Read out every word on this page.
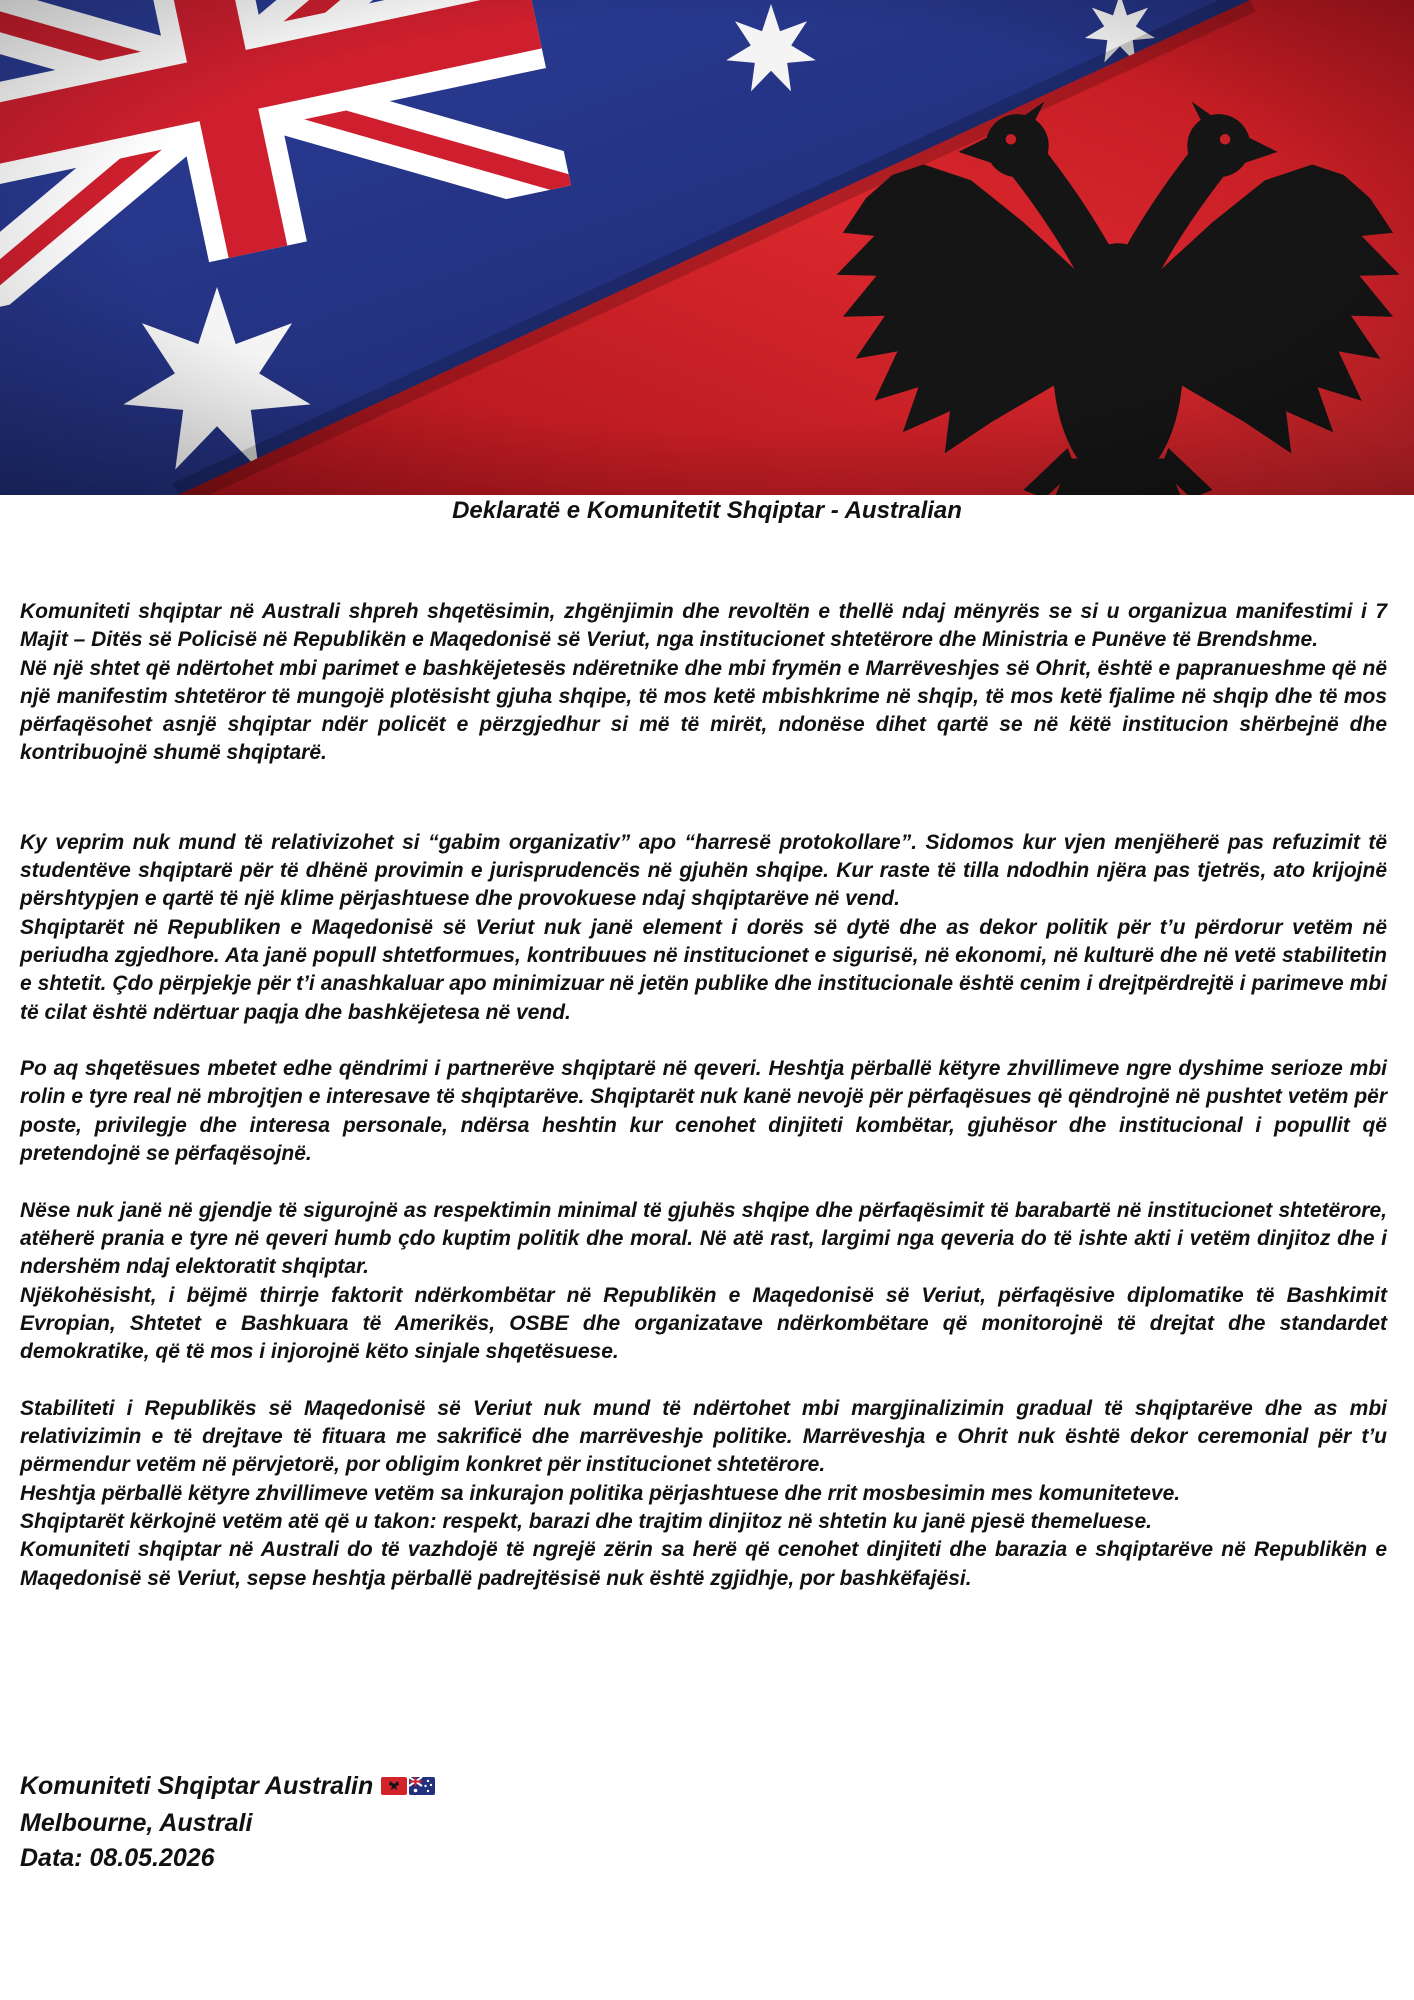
Deklaratë e Komunitetit Shqiptar - Australian

Komuniteti shqiptar në Australi shpreh shqetësimin, zhgënjimin dhe revoltën e thellë ndaj mënyrës se si u organizua manifestimi i 7 Majit – Ditës së Policisë në Republikën e Maqedonisë së Veriut, nga institucionet shtetërore dhe Ministria e Punëve të Brendshme.

Në një shtet që ndërtohet mbi parimet e bashkëjetesës ndëretnike dhe mbi frymën e Marrëveshjes së Ohrit, është e papranueshme që në një manifestim shtetëror të mungojë plotësisht gjuha shqipe, të mos ketë mbishkrime në shqip, të mos ketë fjalime në shqip dhe të mos përfaqësohet asnjë shqiptar ndër policët e përzgjedhur si më të mirët, ndonëse dihet qartë se në këtë institucion shërbejnë dhe kontribuojnë shumë shqiptarë.

Ky veprim nuk mund të relativizohet si “gabim organizativ” apo “harresë protokollare”. Sidomos kur vjen menjëherë pas refuzimit të studentëve shqiptarë për të dhënë provimin e jurisprudencës në gjuhën shqipe. Kur raste të tilla ndodhin njëra pas tjetrës, ato krijojnë përshtypjen e qartë të një klime përjashtuese dhe provokuese ndaj shqiptarëve në vend.

Shqiptarët në Republiken e Maqedonisë së Veriut nuk janë element i dorës së dytë dhe as dekor politik për t’u përdorur vetëm në periudha zgjedhore. Ata janë popull shtetformues, kontribuues në institucionet e sigurisë, në ekonomi, në kulturë dhe në vetë stabilitetin e shtetit. Çdo përpjekje për t’i anashkaluar apo minimizuar në jetën publike dhe institucionale është cenim i drejtpërdrejtë i parimeve mbi të cilat është ndërtuar paqja dhe bashkëjetesa në vend.

Po aq shqetësues mbetet edhe qëndrimi i partnerëve shqiptarë në qeveri. Heshtja përballë këtyre zhvillimeve ngre dyshime serioze mbi rolin e tyre real në mbrojtjen e interesave të shqiptarëve. Shqiptarët nuk kanë nevojë për përfaqësues që qëndrojnë në pushtet vetëm për poste, privilegje dhe interesa personale, ndërsa heshtin kur cenohet dinjiteti kombëtar, gjuhësor dhe institucional i popullit që pretendojnë se përfaqësojnë.

Nëse nuk janë në gjendje të sigurojnë as respektimin minimal të gjuhës shqipe dhe përfaqësimit të barabartë në institucionet shtetërore, atëherë prania e tyre në qeveri humb çdo kuptim politik dhe moral. Në atë rast, largimi nga qeveria do të ishte akti i vetëm dinjitoz dhe i ndershëm ndaj elektoratit shqiptar.

Njëkohësisht, i bëjmë thirrje faktorit ndërkombëtar në Republikën e Maqedonisë së Veriut, përfaqësive diplomatike të Bashkimit Evropian, Shtetet e Bashkuara të Amerikës, OSBE dhe organizatave ndërkombëtare që monitorojnë të drejtat dhe standardet demokratike, që të mos i injorojnë këto sinjale shqetësuese.

Stabiliteti i Republikës së Maqedonisë së Veriut nuk mund të ndërtohet mbi margjinalizimin gradual të shqiptarëve dhe as mbi relativizimin e të drejtave të fituara me sakrificë dhe marrëveshje politike. Marrëveshja e Ohrit nuk është dekor ceremonial për t’u përmendur vetëm në përvjetorë, por obligim konkret për institucionet shtetërore.

Heshtja përballë këtyre zhvillimeve vetëm sa inkurajon politika përjashtuese dhe rrit mosbesimin mes komuniteteve.

Shqiptarët kërkojnë vetëm atë që u takon: respekt, barazi dhe trajtim dinjitoz në shtetin ku janë pjesë themeluese.

Komuniteti shqiptar në Australi do të vazhdojë të ngrejë zërin sa herë që cenohet dinjiteti dhe barazia e shqiptarëve në Republikën e Maqedonisë së Veriut, sepse heshtja përballë padrejtësisë nuk është zgjidhje, por bashkëfajësi.

Komuniteti Shqiptar Australin
Melbourne, Australi
Data: 08.05.2026
